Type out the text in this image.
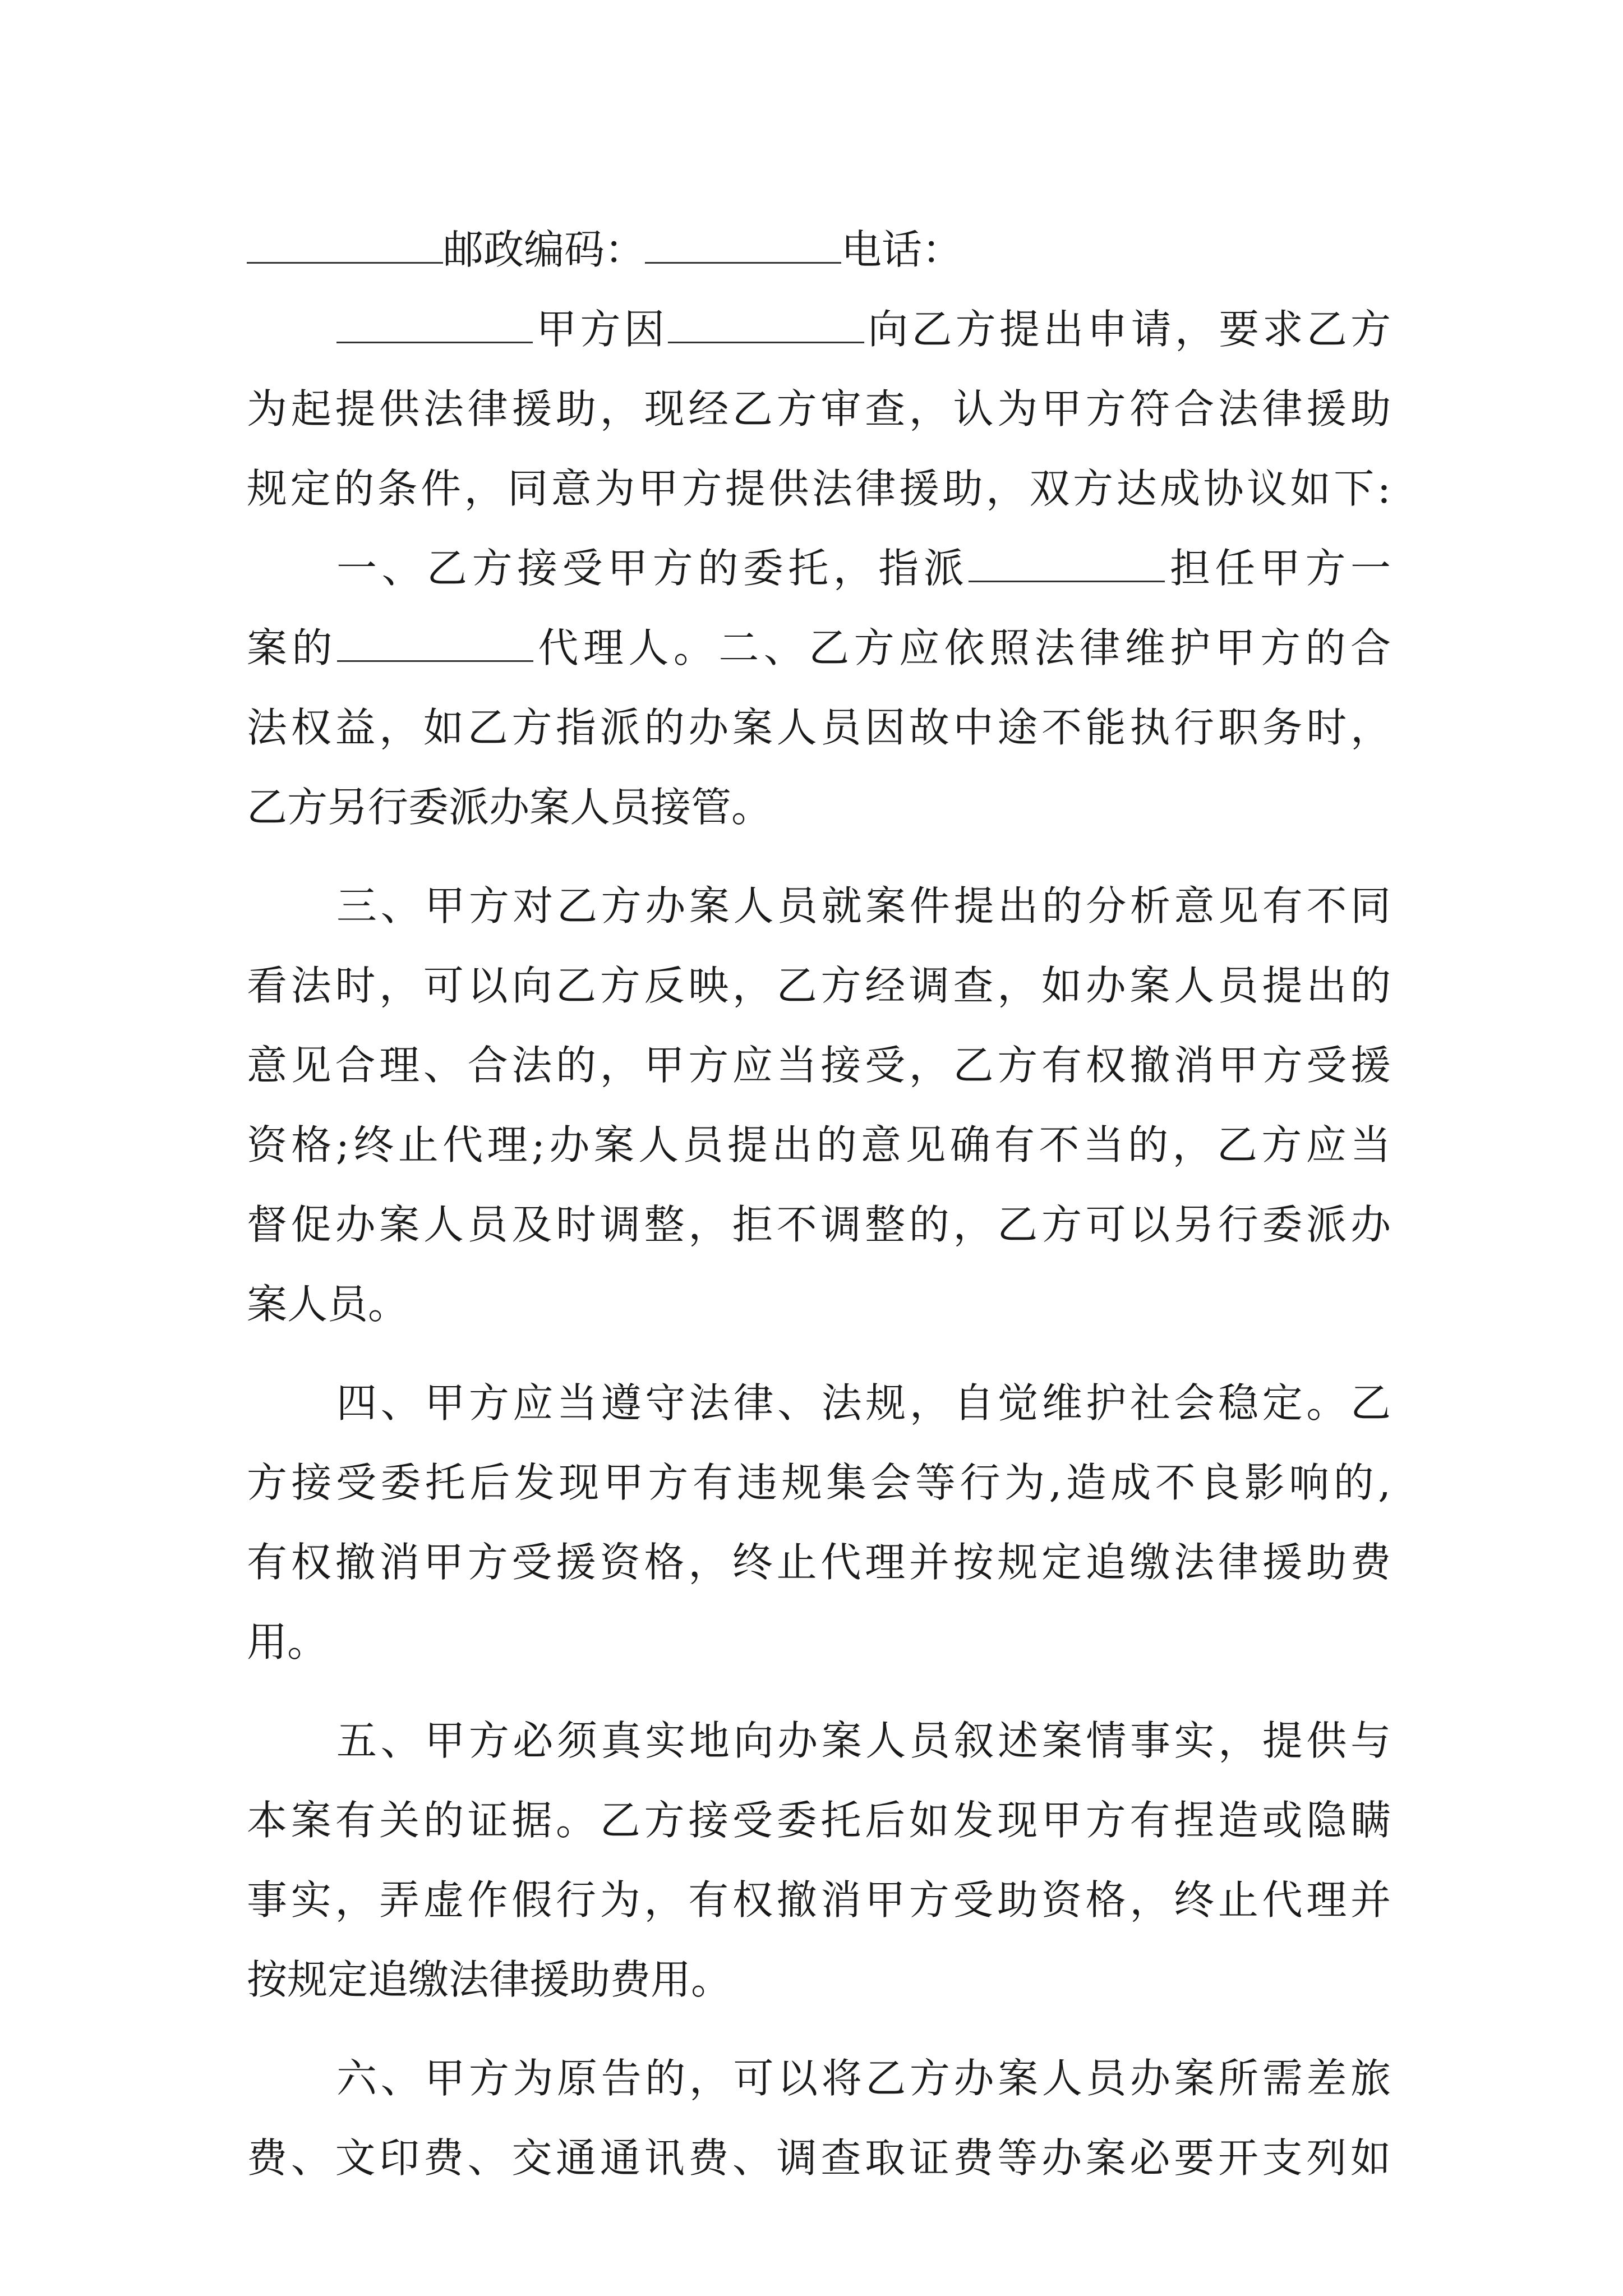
邮政编码：	电话：
甲方因	向乙方提出申请，要求乙方
为起提供法律援助，现经乙方审查，认为甲方符合法律援助
规定的条件，同意为甲方提供法律援助，双方达成协议如下:
一、乙方接受甲方的委托，指派	担任甲方一
案的	代理人。二、乙方应依照法律维护甲方的合
法权益，如乙方指派的办案人员因故中途不能执行职务时，
乙方另行委派办案人员接管。
三、甲方对乙方办案人员就案件提出的分析意见有不同
看法时，可以向乙方反映，乙方经调查，如办案人员提出的
意见合理、合法的，甲方应当接受，乙方有权撤消甲方受援
资格;终止代理;办案人员提出的意见确有不当的，乙方应当
督促办案人员及时调整，拒不调整的，乙方可以另行委派办
案人员。
四、甲方应当遵守法律、法规，自觉维护社会稳定。乙
方接受委托后发现甲方有违规集会等行为,造成不良影响的,
有权撤消甲方受援资格，终止代理并按规定追缴法律援助费
用。
五、甲方必须真实地向办案人员叙述案情事实，提供与
本案有关的证据。乙方接受委托后如发现甲方有捏造或隐瞒
事实，弄虚作假行为，有权撤消甲方受助资格，终止代理并
按规定追缴法律援助费用。
六、甲方为原告的，可以将乙方办案人员办案所需差旅
费、文印费、交通通讯费、调查取证费等办案必要开支列如
